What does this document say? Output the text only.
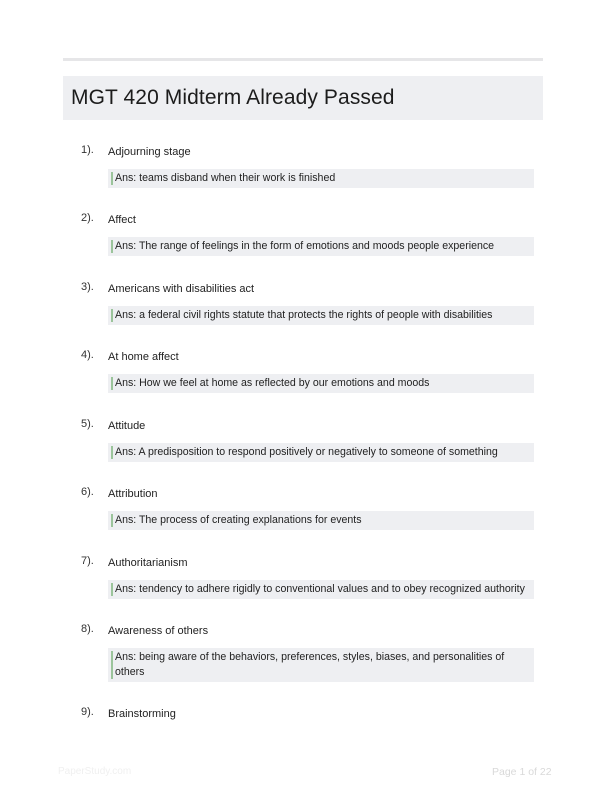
MGT 420 Midterm Already Passed
1). Adjourning stage
Ans: teams disband when their work is finished
2). Affect
Ans: The range of feelings in the form of emotions and moods people experience
3). Americans with disabilities act
Ans: a federal civil rights statute that protects the rights of people with disabilities
4). At home affect
Ans: How we feel at home as reflected by our emotions and moods
5). Attitude
Ans: A predisposition to respond positively or negatively to someone of something
6). Attribution
Ans: The process of creating explanations for events
7). Authoritarianism
Ans: tendency to adhere rigidly to conventional values and to obey recognized authority
8). Awareness of others
Ans: being aware of the behaviors, preferences, styles, biases, and personalities of others
9). Brainstorming
PaperStudy.com	Page 1 of 22
